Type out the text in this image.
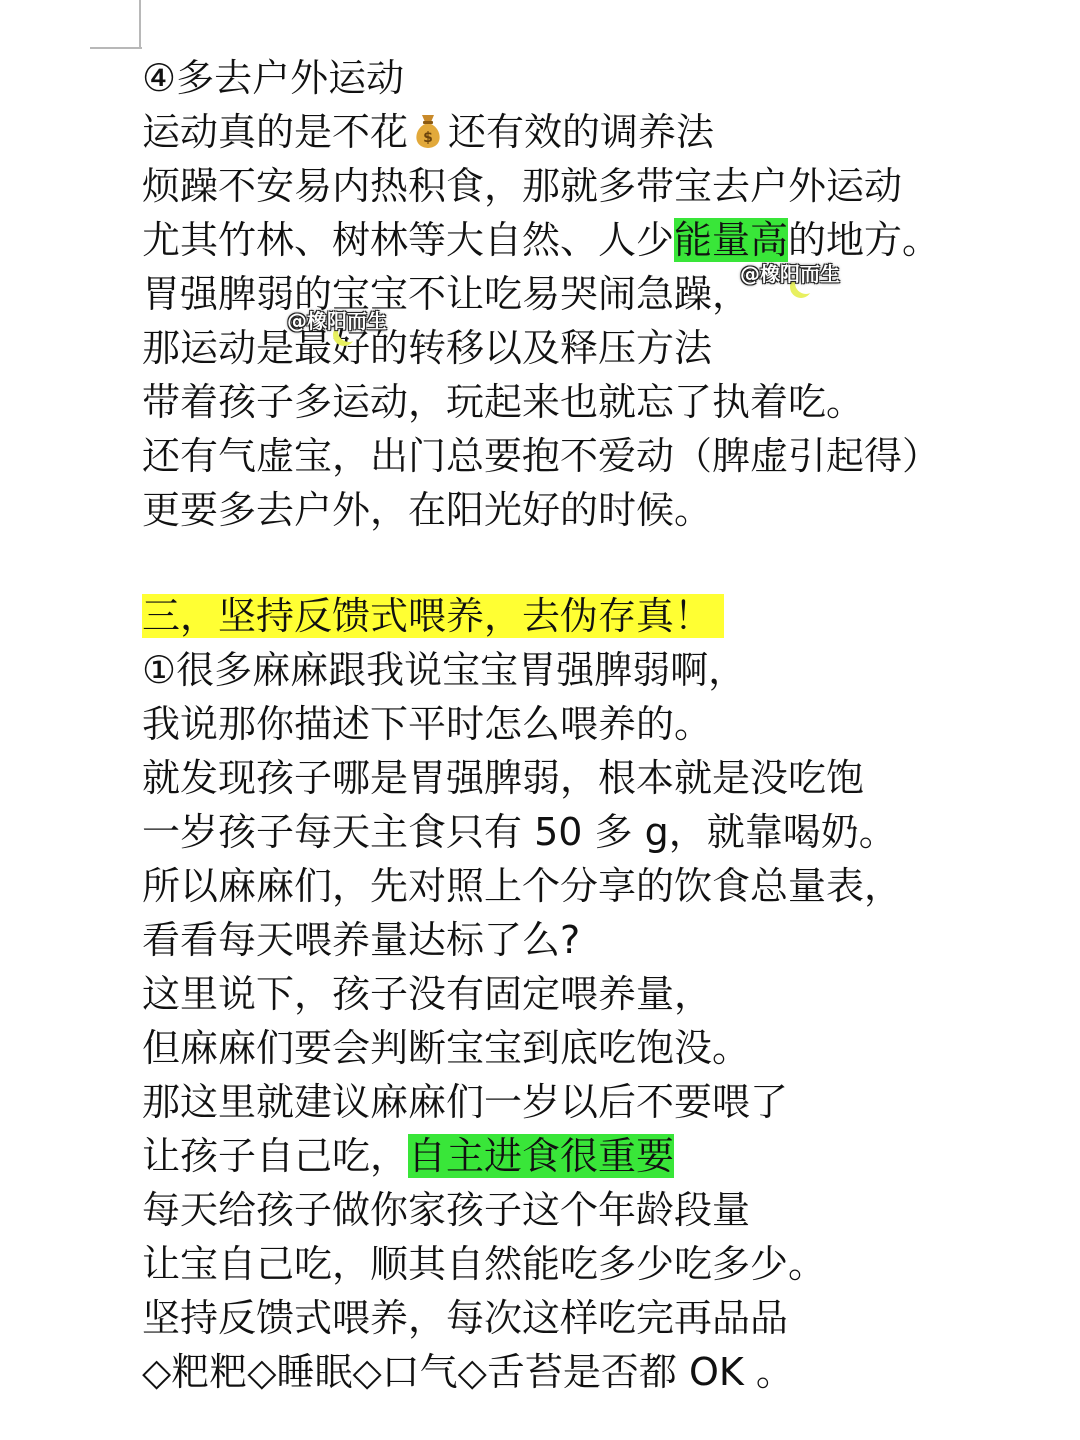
④多去户外运动
运动真的是不花 $ 还有效的调养法
烦躁不安易内热积食，那就多带宝去户外运动
尤其竹林、树林等大自然、人少能量高的地方。
胃强脾弱的宝宝不让吃易哭闹急躁，
那运动是最好的转移以及释压方法
带着孩子多运动，玩起来也就忘了执着吃。
还有气虚宝，出门总要抱不爱动（脾虚引起得）
更要多去户外，在阳光好的时候。
三，坚持反馈式喂养，去伪存真！
①很多麻麻跟我说宝宝胃强脾弱啊，
我说那你描述下平时怎么喂养的。
就发现孩子哪是胃强脾弱，根本就是没吃饱
一岁孩子每天主食只有 50 多 g，就靠喝奶。
所以麻麻们，先对照上个分享的饮食总量表，
看看每天喂养量达标了么?
这里说下，孩子没有固定喂养量，
但麻麻们要会判断宝宝到底吃饱没。
那这里就建议麻麻们一岁以后不要喂了
让孩子自己吃，自主进食很重要
每天给孩子做你家孩子这个年龄段量
让宝自己吃，顺其自然能吃多少吃多少。
坚持反馈式喂养，每次这样吃完再品品
◇粑粑◇睡眠◇口气◇舌苔是否都 OK 。
@橡阳而生
@橡阳而生
